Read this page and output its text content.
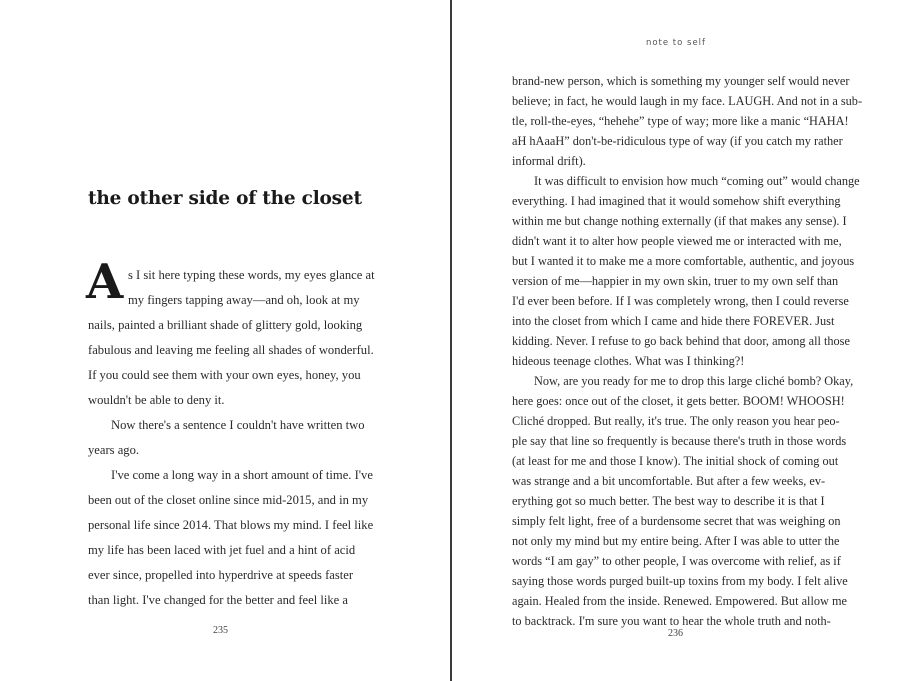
the other side of the closet
A s I sit here typing these words, my eyes glance at
my fingers tapping away—and oh, look at my
nails, painted a brilliant shade of glittery gold, looking
fabulous and leaving me feeling all shades of wonderful.
If you could see them with your own eyes, honey, you
wouldn't be able to deny it.
Now there's a sentence I couldn't have written two
years ago.
I've come a long way in a short amount of time. I've
been out of the closet online since mid-2015, and in my
personal life since 2014. That blows my mind. I feel like
my life has been laced with jet fuel and a hint of acid
ever since, propelled into hyperdrive at speeds faster
than light. I've changed for the better and feel like a
235
note to self
brand-new person, which is something my younger self would never
believe; in fact, he would laugh in my face. LAUGH. And not in a sub-
tle, roll-the-eyes, “hehehe” type of way; more like a manic “HAHA!
aH hAaaH” don't-be-ridiculous type of way (if you catch my rather
informal drift).
It was difficult to envision how much “coming out” would change
everything. I had imagined that it would somehow shift everything
within me but change nothing externally (if that makes any sense). I
didn't want it to alter how people viewed me or interacted with me,
but I wanted it to make me a more comfortable, authentic, and joyous
version of me—happier in my own skin, truer to my own self than
I'd ever been before. If I was completely wrong, then I could reverse
into the closet from which I came and hide there FOREVER. Just
kidding. Never. I refuse to go back behind that door, among all those
hideous teenage clothes. What was I thinking?!
Now, are you ready for me to drop this large cliché bomb? Okay,
here goes: once out of the closet, it gets better. BOOM! WHOOSH!
Cliché dropped. But really, it's true. The only reason you hear peo-
ple say that line so frequently is because there's truth in those words
(at least for me and those I know). The initial shock of coming out
was strange and a bit uncomfortable. But after a few weeks, ev-
erything got so much better. The best way to describe it is that I
simply felt light, free of a burdensome secret that was weighing on
not only my mind but my entire being. After I was able to utter the
words “I am gay” to other people, I was overcome with relief, as if
saying those words purged built-up toxins from my body. I felt alive
again. Healed from the inside. Renewed. Empowered. But allow me
to backtrack. I'm sure you want to hear the whole truth and noth-
236
